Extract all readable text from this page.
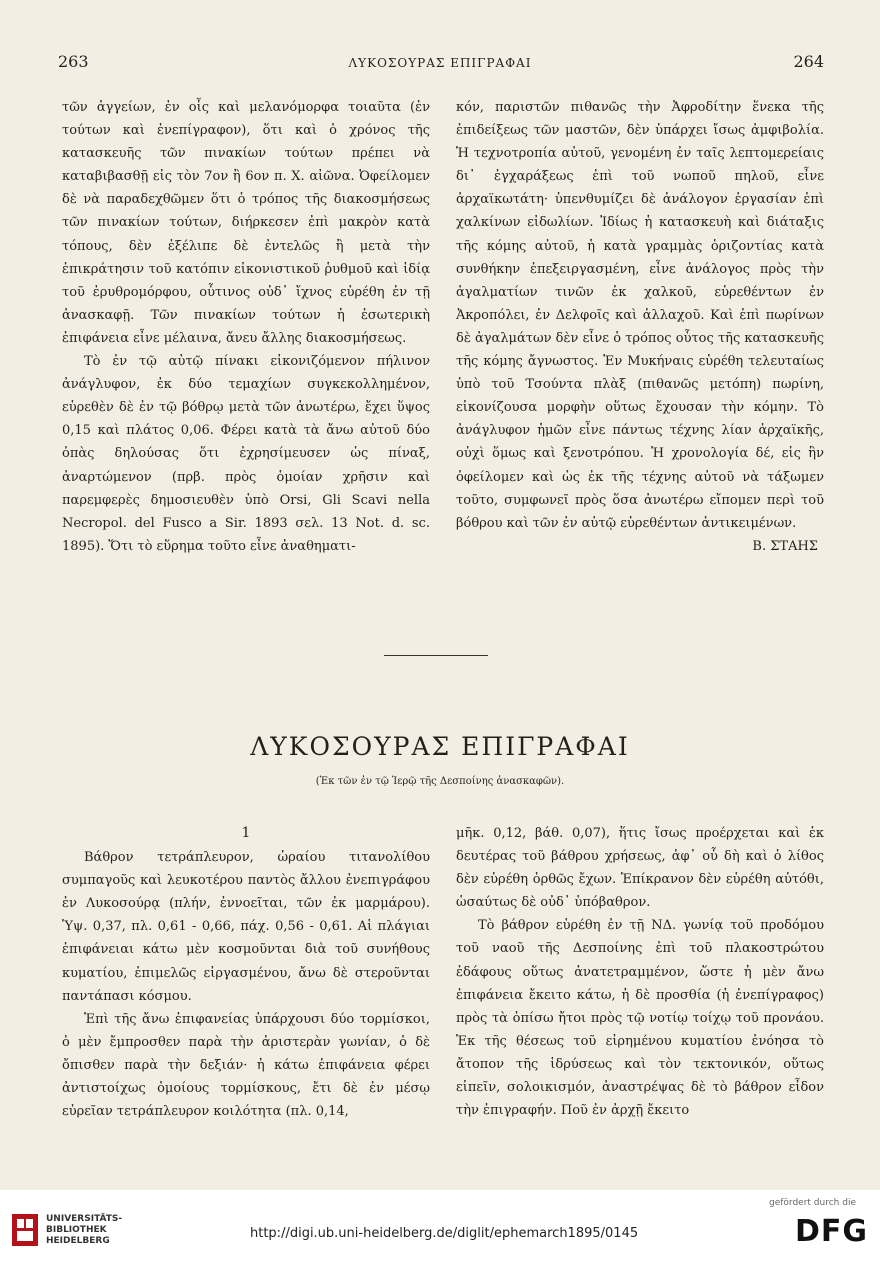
263	ΛΥΚΟΣΟΥΡΑΣ ΕΠΙΓΡΑΦΑΙ	264

τῶν ἀγγείων, ἐν οἷς καὶ μελανόμορφα τοιαῦτα (ἐν τούτων καὶ ἐνεπίγραφον), ὅτι καὶ ὁ χρόνος τῆς κατασκευῆς τῶν πινακίων τούτων πρέπει νὰ καταβιβασθῇ εἰς τὸν 7ον ἢ 6ον π. Χ. αἰῶνα. Ὀφείλομεν δὲ νὰ παραδεχθῶμεν ὅτι ὁ τρόπος τῆς διακοσμήσεως τῶν πινακίων τούτων, διήρκεσεν ἐπὶ μακρὸν κατὰ τόπους, δὲν ἐξέλιπε δὲ ἐντελῶς ἢ μετὰ τὴν ἐπικράτησιν τοῦ κατόπιν εἰκονιστικοῦ ῥυθμοῦ καὶ ἰδίᾳ τοῦ ἐρυθρομόρφου, οὗτινος οὐδ᾽ ἴχνος εὑρέθη ἐν τῇ ἀνασκαφῇ. Τῶν πινακίων τούτων ἡ ἐσωτερικὴ ἐπιφάνεια εἶνε μέλαινα, ἄνευ ἄλλης διακοσμήσεως.

Τὸ ἐν τῷ αὐτῷ πίνακι εἰκονιζόμενον πήλινον ἀνάγλυφον, ἐκ δύο τεμαχίων συγκεκολλημένον, εὑρεθὲν δὲ ἐν τῷ βόθρῳ μετὰ τῶν ἀνωτέρω, ἔχει ὕψος 0,15 καὶ πλάτος 0,06. Φέρει κατὰ τὰ ἄνω αὐτοῦ δύο ὀπὰς δηλούσας ὅτι ἐχρησίμευσεν ὡς πίναξ, ἀναρτώμενον (πρβ. πρὸς ὁμοίαν χρῆσιν καὶ παρεμφερὲς δημοσιευθὲν ὑπὸ Orsi, Gli Scavi nella Necropol. del Fusco a Sir. 1893 σελ. 13 Not. d. sc. 1895). Ὅτι τὸ εὕρημα τοῦτο εἶνε ἀναθηματι-

κόν, παριστῶν πιθανῶς τὴν Ἀφροδίτην ἕνεκα τῆς ἐπιδείξεως τῶν μαστῶν, δὲν ὑπάρχει ἴσως ἀμφιβολία. Ἡ τεχνοτροπία αὐτοῦ, γενομένη ἐν ταῖς λεπτομερείαις δι᾽ ἐγχαράξεως ἐπὶ τοῦ νωποῦ πηλοῦ, εἶνε ἀρχαϊκωτάτη· ὑπενθυμίζει δὲ ἀνάλογον ἐργασίαν ἐπὶ χαλκίνων εἰδωλίων. Ἰδίως ἡ κατασκευὴ καὶ διάταξις τῆς κόμης αὐτοῦ, ἡ κατὰ γραμμὰς ὁριζοντίας κατὰ συνθήκην ἐπεξειργασμένη, εἶνε ἀνάλογος πρὸς τὴν ἀγαλματίων τινῶν ἐκ χαλκοῦ, εὑρεθέντων ἐν Ἀκροπόλει, ἐν Δελφοῖς καὶ ἀλλαχοῦ. Καὶ ἐπὶ πωρίνων δὲ ἀγαλμάτων δὲν εἶνε ὁ τρόπος οὗτος τῆς κατασκευῆς τῆς κόμης ἄγνωστος. Ἐν Μυκήναις εὑρέθη τελευταίως ὑπὸ τοῦ Τσούντα πλὰξ (πιθανῶς μετόπη) πωρίνη, εἰκονίζουσα μορφὴν οὕτως ἔχουσαν τὴν κόμην. Τὸ ἀνάγλυφον ἡμῶν εἶνε πάντως τέχνης λίαν ἀρχαϊκῆς, οὐχὶ ὅμως καὶ ξενοτρόπου. Ἡ χρονολογία δέ, εἰς ἣν ὀφείλομεν καὶ ὡς ἐκ τῆς τέχνης αὐτοῦ νὰ τάξωμεν τοῦτο, συμφωνεῖ πρὸς ὅσα ἀνωτέρω εἴπομεν περὶ τοῦ βόθρου καὶ τῶν ἐν αὐτῷ εὑρεθέντων ἀντικειμένων.

Β. ΣΤΑΗΣ

ΛΥΚΟΣΟΥΡΑΣ ΕΠΙΓΡΑΦΑΙ
(Ἐκ τῶν ἐν τῷ Ἱερῷ τῆς Δεσποίνης ἀνασκαφῶν).
1

Βάθρον τετράπλευρον, ὡραίου τιτανολίθου συμπαγοῦς καὶ λευκοτέρου παντὸς ἄλλου ἐνεπιγράφου ἐν Λυκοσούρᾳ (πλήν, ἐννοεῖται, τῶν ἐκ μαρμάρου). Ὑψ. 0,37, πλ. 0,61 - 0,66, πάχ. 0,56 - 0,61. Αἱ πλάγιαι ἐπιφάνειαι κάτω μὲν κοσμοῦνται διὰ τοῦ συνήθους κυματίου, ἐπιμελῶς εἰργασμένου, ἄνω δὲ στεροῦνται παντάπασι κόσμου.

Ἐπὶ τῆς ἄνω ἐπιφανείας ὑπάρχουσι δύο τορμίσκοι, ὁ μὲν ἔμπροσθεν παρὰ τὴν ἀριστερὰν γωνίαν, ὁ δὲ ὄπισθεν παρὰ τὴν δεξιάν· ἡ κάτω ἐπιφάνεια φέρει ἀντιστοίχως ὁμοίους τορμίσκους, ἔτι δὲ ἐν μέσῳ εὐρεῖαν τετράπλευρον κοιλότητα (πλ. 0,14,

μῆκ. 0,12, βάθ. 0,07), ἥτις ἴσως προέρχεται καὶ ἐκ δευτέρας τοῦ βάθρου χρήσεως, ἀφ᾽ οὗ δὴ καὶ ὁ λίθος δὲν εὑρέθη ὀρθῶς ἔχων. Ἐπίκρανον δὲν εὑρέθη αὐτόθι, ὡσαύτως δὲ οὐδ᾽ ὑπόβαθρον.

Τὸ βάθρον εὑρέθη ἐν τῇ ΝΔ. γωνίᾳ τοῦ προδόμου τοῦ ναοῦ τῆς Δεσποίνης ἐπὶ τοῦ πλακοστρώτου ἐδάφους οὕτως ἀνατετραμμένον, ὥστε ἡ μὲν ἄνω ἐπιφάνεια ἔκειτο κάτω, ἡ δὲ προσθία (ἡ ἐνεπίγραφος) πρὸς τὰ ὀπίσω ἤτοι πρὸς τῷ νοτίῳ τοίχῳ τοῦ προνάου. Ἐκ τῆς θέσεως τοῦ εἰρημένου κυματίου ἐνόησα τὸ ἄτοπον τῆς ἱδρύσεως καὶ τὸν τεκτονικόν, οὕτως εἰπεῖν, σολοικισμόν, ἀναστρέψας δὲ τὸ βάθρον εἶδον τὴν ἐπιγραφήν. Ποῦ ἐν ἀρχῇ ἔκειτο

UNIVERSITÄTS-
BIBLIOTHEK
HEIDELBERG	http://digi.ub.uni-heidelberg.de/diglit/ephemarch1895/0145
gefördert durch die
DFG
